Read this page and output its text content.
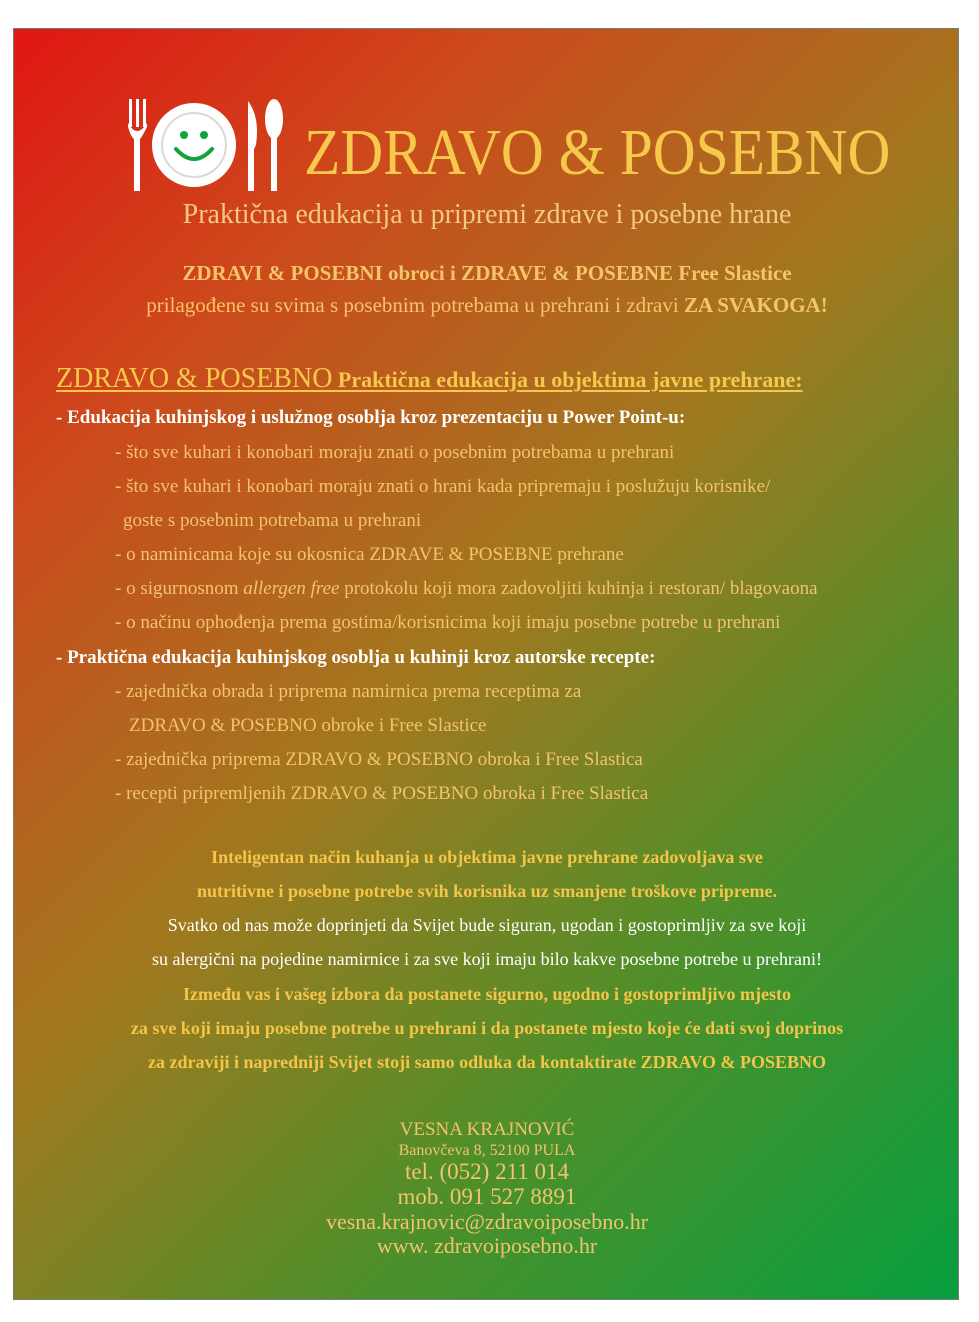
ZDRAVO & POSEBNO
Praktična edukacija u pripremi zdrave i posebne hrane
ZDRAVI & POSEBNI obroci i ZDRAVE & POSEBNE Free Slastice
prilagođene su svima s posebnim potrebama u prehrani i zdravi ZA SVAKOGA!
ZDRAVO & POSEBNO Praktična edukacija u objektima javne prehrane:
- Edukacija kuhinjskog i uslužnog osoblja kroz prezentaciju u Power Point-u:
- što sve kuhari i konobari moraju znati o posebnim potrebama u prehrani
- što sve kuhari i konobari moraju znati o hrani kada pripremaju i poslužuju korisnike/
goste s posebnim potrebama u prehrani
- o naminicama koje su okosnica ZDRAVE & POSEBNE prehrane
- o sigurnosnom allergen free protokolu koji mora zadovoljiti kuhinja i restoran/ blagovaona
- o načinu ophođenja prema gostima/korisnicima koji imaju posebne potrebe u prehrani
- Praktična edukacija kuhinjskog osoblja u kuhinji kroz autorske recepte:
- zajednička obrada i priprema namirnica prema receptima za
ZDRAVO & POSEBNO obroke i Free Slastice
- zajednička priprema ZDRAVO & POSEBNO obroka i Free Slastica
- recepti pripremljenih ZDRAVO & POSEBNO obroka i Free Slastica
Inteligentan način kuhanja u objektima javne prehrane zadovoljava sve
nutritivne i posebne potrebe svih korisnika uz smanjene troškove pripreme.
Svatko od nas može doprinjeti da Svijet bude siguran, ugodan i gostoprimljiv za sve koji
su alergični na pojedine namirnice i za sve koji imaju bilo kakve posebne potrebe u prehrani!
Između vas i vašeg izbora da postanete sigurno, ugodno i gostoprimljivo mjesto
za sve koji imaju posebne potrebe u prehrani i da postanete mjesto koje će dati svoj doprinos
za zdraviji i napredniji Svijet stoji samo odluka da kontaktirate ZDRAVO & POSEBNO
VESNA KRAJNOVIĆ
Banovčeva 8, 52100 PULA
tel. (052) 211 014
mob. 091 527 8891
vesna.krajnovic@zdravoiposebno.hr
www. zdravoiposebno.hr
